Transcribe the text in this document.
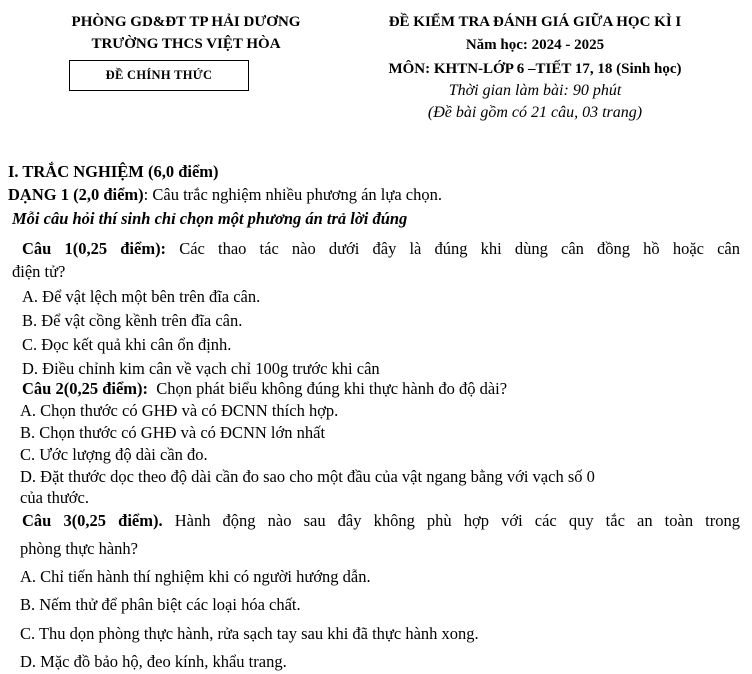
PHÒNG GD&ĐT TP HẢI DƯƠNG
TRƯỜNG THCS VIỆT HÒA
ĐỀ CHÍNH THỨC
ĐỀ KIỂM TRA ĐÁNH GIÁ GIỮA HỌC KÌ I
Năm học: 2024 - 2025
MÔN: KHTN-LỚP 6 –TIẾT 17, 18 (Sinh học)
Thời gian làm bài: 90 phút
(Đề bài gồm có 21 câu, 03 trang)
I. TRẮC NGHIỆM (6,0 điểm)
DẠNG 1 (2,0 điểm): Câu trắc nghiệm nhiều phương án lựa chọn.
Mỗi câu hỏi thí sinh chỉ chọn một phương án trả lời đúng
Câu 1(0,25 điểm): Các thao tác nào dưới đây là đúng khi dùng cân đồng hồ hoặc cân
điện tử?
A. Để vật lệch một bên trên đĩa cân.
B. Để vật cồng kềnh trên đĩa cân.
C. Đọc kết quả khi cân ổn định.
D. Điều chỉnh kim cân về vạch chỉ 100g trước khi cân
Câu 2(0,25 điểm): Chọn phát biểu không đúng khi thực hành đo độ dài?
A. Chọn thước có GHĐ và có ĐCNN thích hợp.
B. Chọn thước có GHĐ và có ĐCNN lớn nhất
C. Ước lượng độ dài cần đo.
D. Đặt thước dọc theo độ dài cần đo sao cho một đầu của vật ngang bằng với vạch số 0
của thước.
Câu 3(0,25 điểm). Hành động nào sau đây không phù hợp với các quy tắc an toàn trong
phòng thực hành?
A. Chỉ tiến hành thí nghiệm khi có người hướng dẫn.
B. Nếm thử để phân biệt các loại hóa chất.
C. Thu dọn phòng thực hành, rửa sạch tay sau khi đã thực hành xong.
D. Mặc đồ bảo hộ, đeo kính, khẩu trang.
